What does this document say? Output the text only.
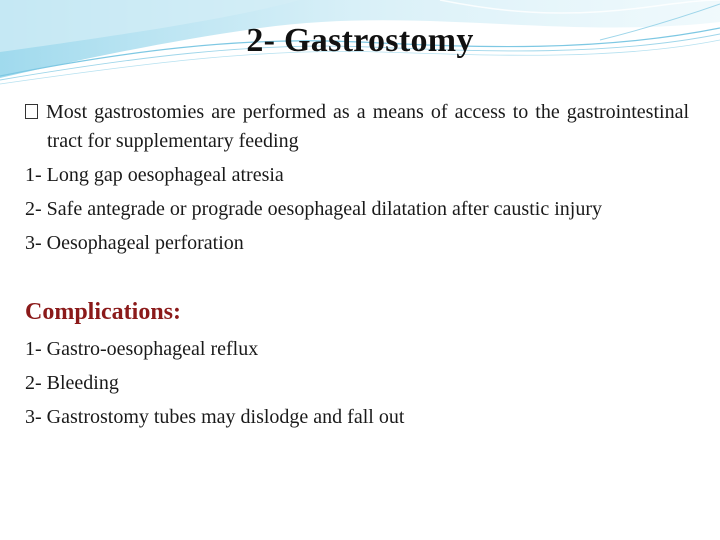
2- Gastrostomy

Most gastrostomies are performed as a means of access to the gastrointestinal tract for supplementary feeding

1- Long gap oesophageal atresia

2- Safe antegrade or prograde oesophageal dilatation after caustic injury

3- Oesophageal perforation

Complications:

1- Gastro-oesophageal reflux

2- Bleeding

3- Gastrostomy tubes may dislodge and fall out
